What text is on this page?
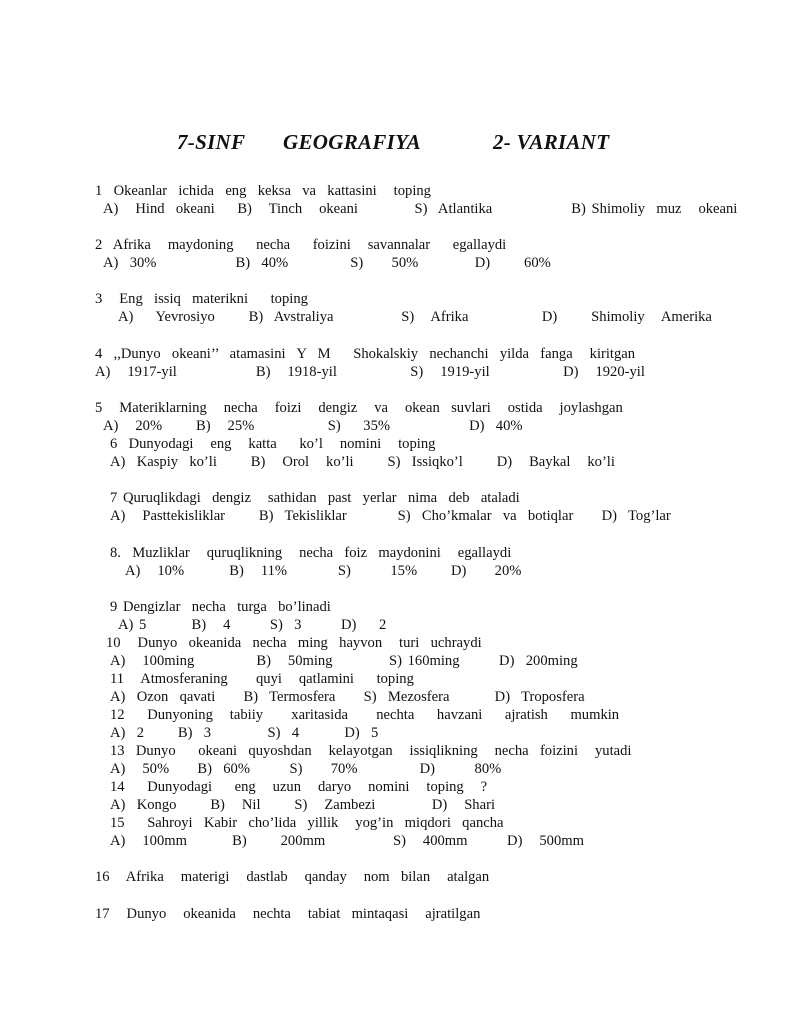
7-SINF GEOGRAFIYA	2- VARIANT
1  Okeanlar  ichida  eng  keksa  va  kattasini   toping
A)   Hind  okeani    B)   Tinch   okeani          S)  Atlantika              B) Shimoliy  muz   okeani
2  Afrika   maydoning    necha    foizini   savannalar    egallaydi
A)  30%              B)  40%           S)     50%          D)      60%
3   Eng  issiq  materikni    toping
A)    Yevrosiyo      B)  Avstraliya            S)   Afrika             D)      Shimoliy   Amerika
4  ,,Dunyo  okeani’’  atamasini  Y  M    Shokalskiy  nechanchi  yilda  fanga   kiritgan
A)   1917-yil              B)   1918-yil             S)   1919-yil             D)   1920-yil
5   Materiklarning   necha   foizi   dengiz   va   okean  suvlari   ostida   joylashgan
A)   20%      B)   25%             S)    35%              D)  40%
6  Dunyodagi   eng   katta    ko’l   nomini   toping
A)  Kaspiy  ko’li      B)   Orol   ko’li      S)  Issiqko’l      D)   Baykal   ko’li
7 Quruqlikdagi  dengiz   sathidan  past  yerlar  nima  deb  ataladi
A)   Pasttekisliklar      B)  Tekisliklar         S)  Cho’kmalar  va  botiqlar     D)  Tog’lar
8.  Muzliklar   quruqlikning   necha  foiz  maydonini   egallaydi
A)   10%        B)   11%         S)       15%      D)     20%
9 Dengizlar  necha  turga  bo’linadi
A) 5        B)   4       S)  3       D)    2
10   Dunyo  okeanida  necha  ming  hayvon   turi  uchraydi
A)   100ming           B)   50ming          S) 160ming       D)  200ming
11   Atmosferaning     quyi   qatlamini    toping
A)  Ozon  qavati     B)  Termosfera     S)  Mezosfera        D)  Troposfera
12    Dunyoning   tabiiy     xaritasida     nechta    havzani    ajratish    mumkin
A)  2      B)  3          S)  4        D)  5
13  Dunyo    okeani  quyoshdan   kelayotgan   issiqlikning   necha  foizini   yutadi
A)   50%     B)  60%       S)     70%           D)       80%
14    Dunyodagi    eng   uzun   daryo   nomini   toping   ?
A)  Kongo      B)   Nil      S)   Zambezi          D)   Shari
15    Sahroyi  Kabir  cho’lida  yillik   yog’in  miqdori  qancha
A)   100mm        B)      200mm            S)   400mm       D)   500mm
16   Afrika   materigi   dastlab   qanday   nom  bilan   atalgan
17   Dunyo   okeanida   nechta   tabiat  mintaqasi   ajratilgan
